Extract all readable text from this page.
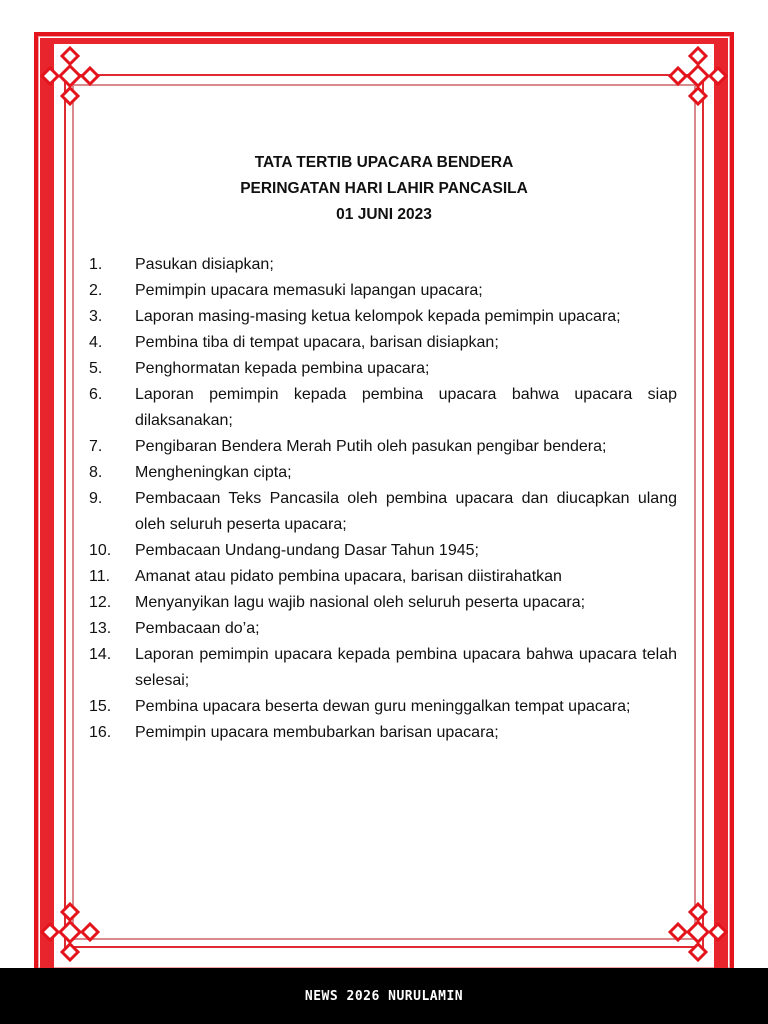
TATA TERTIB UPACARA BENDERA
PERINGATAN HARI LAHIR PANCASILA
01 JUNI 2023
1.	Pasukan disiapkan;
2.	Pemimpin upacara memasuki lapangan upacara;
3.	Laporan masing-masing ketua kelompok kepada pemimpin upacara;
4.	Pembina tiba di tempat upacara, barisan disiapkan;
5.	Penghormatan kepada pembina upacara;
6.	Laporan pemimpin kepada pembina upacara bahwa upacara siap dilaksanakan;
7.	Pengibaran Bendera Merah Putih oleh pasukan pengibar bendera;
8.	Mengheningkan cipta;
9.	Pembacaan Teks Pancasila oleh pembina upacara dan diucapkan ulang oleh seluruh peserta upacara;
10.	Pembacaan Undang-undang Dasar Tahun 1945;
11.	Amanat atau pidato pembina upacara, barisan diistirahatkan
12.	Menyanyikan lagu wajib nasional oleh seluruh peserta upacara;
13.	Pembacaan do’a;
14.	Laporan pemimpin upacara kepada pembina upacara bahwa upacara telah selesai;
15.	Pembina upacara beserta dewan guru meninggalkan tempat upacara;
16.	Pemimpin upacara membubarkan barisan upacara;
NEWS 2026 NURULAMIN
